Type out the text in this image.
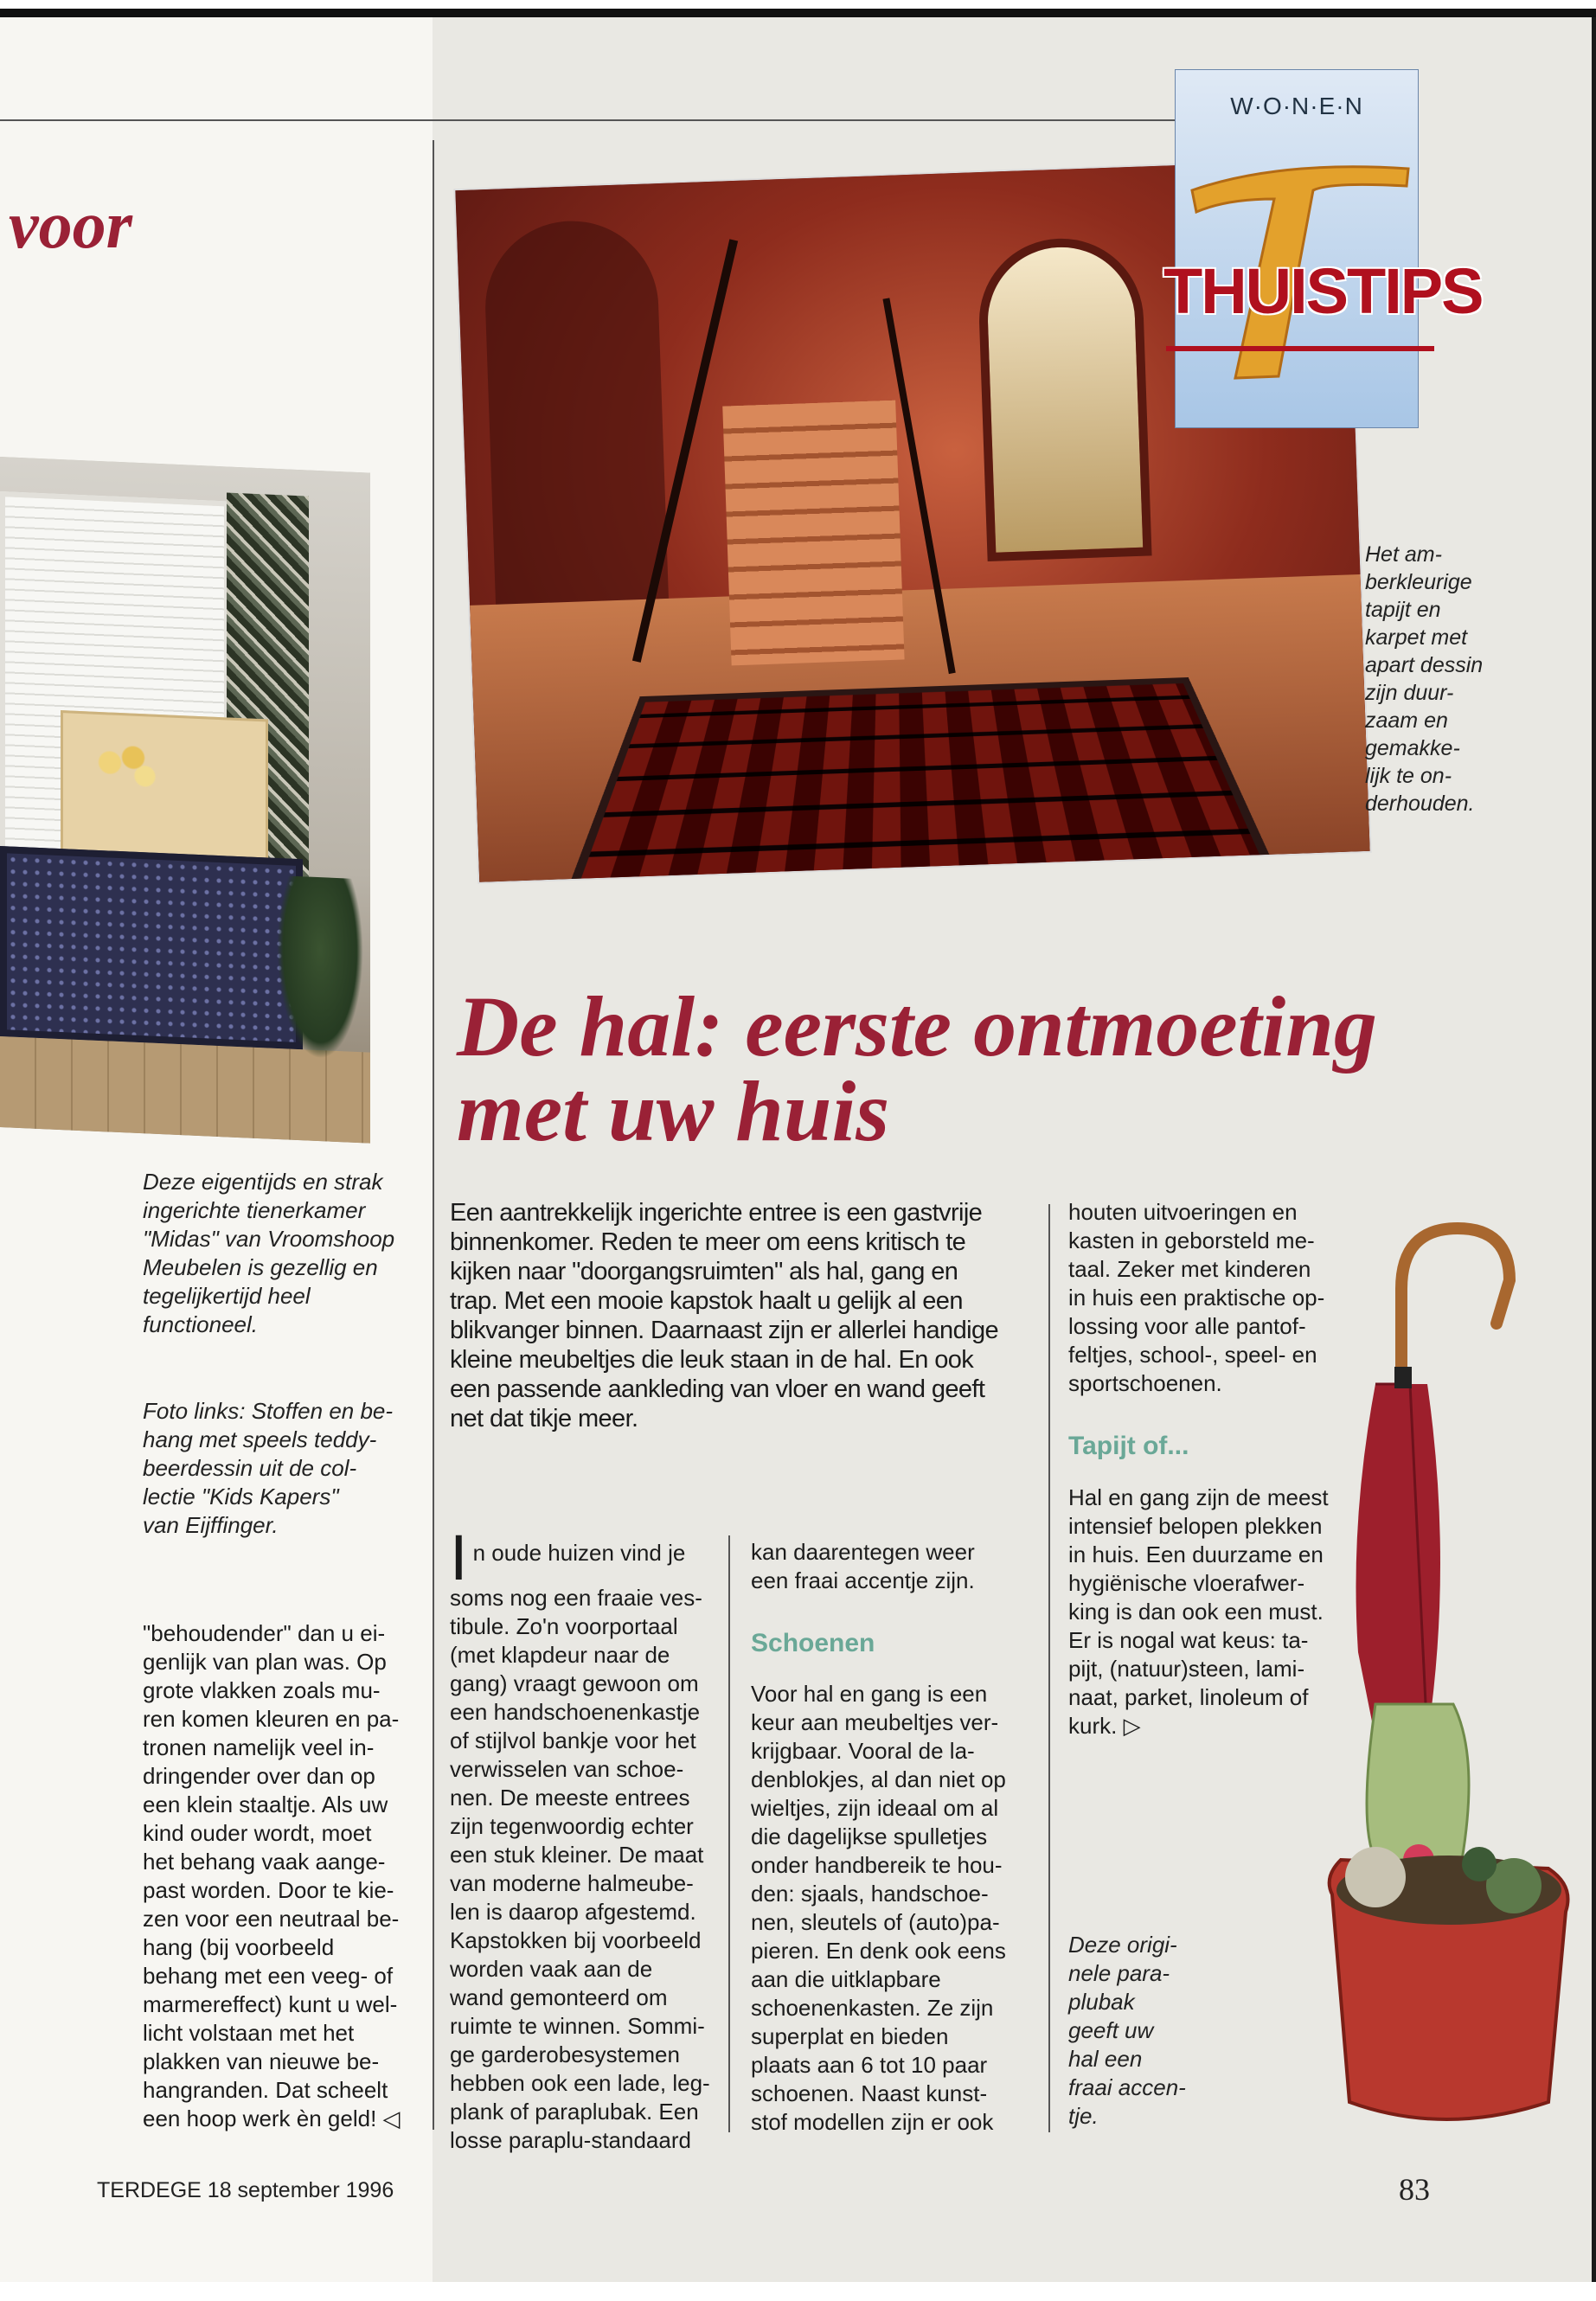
voor
W·O·N·E·N
THUISTIPS
Het am-
berkleurige
tapijt en
karpet met
apart dessin
zijn duur-
zaam en
gemakke-
lijk te on-
derhouden.
De hal: eerste ontmoeting
met uw huis
Deze eigentijds en strak
ingerichte tienerkamer
"Midas" van Vroomshoop
Meubelen is gezellig en
tegelijkertijd heel
functioneel.
Foto links: Stoffen en be-
hang met speels teddy-
beerdessin uit de col-
lectie "Kids Kapers"
van Eijffinger.
"behoudender" dan u ei-
genlijk van plan was. Op
grote vlakken zoals mu-
ren komen kleuren en pa-
tronen namelijk veel in-
dringender over dan op
een klein staaltje. Als uw
kind ouder wordt, moet
het behang vaak aange-
past worden. Door te kie-
zen voor een neutraal be-
hang (bij voorbeeld
behang met een veeg- of
marmereffect) kunt u wel-
licht volstaan met het
plakken van nieuwe be-
hangranden. Dat scheelt
een hoop werk èn geld! ◁
Een aantrekkelijk ingerichte entree is een gastvrije binnenkomer. Reden te meer om eens kritisch te kijken naar "doorgangsruimten" als hal, gang en trap. Met een mooie kapstok haalt u gelijk al een blikvanger binnen. Daarnaast zijn er allerlei handige kleine meubeltjes die leuk staan in de hal. En ook een passende aankleding van vloer en wand geeft net dat tikje meer.
I n oude huizen vind je
soms nog een fraaie ves-
tibule. Zo'n voorportaal
(met klapdeur naar de
gang) vraagt gewoon om
een handschoenenkastje
of stijlvol bankje voor het
verwisselen van schoe-
nen. De meeste entrees
zijn tegenwoordig echter
een stuk kleiner. De maat
van moderne halmeube-
len is daarop afgestemd.
Kapstokken bij voorbeeld
worden vaak aan de
wand gemonteerd om
ruimte te winnen. Sommi-
ge garderobesystemen
hebben ook een lade, leg-
plank of paraplubak. Een
losse paraplu-standaard
kan daarentegen weer
een fraai accentje zijn.
Schoenen
Voor hal en gang is een
keur aan meubeltjes ver-
krijgbaar. Vooral de la-
denblokjes, al dan niet op
wieltjes, zijn ideaal om al
die dagelijkse spulletjes
onder handbereik te hou-
den: sjaals, handschoe-
nen, sleutels of (auto)pa-
pieren. En denk ook eens
aan die uitklapbare
schoenenkasten. Ze zijn
superplat en bieden
plaats aan 6 tot 10 paar
schoenen. Naast kunst-
stof modellen zijn er ook
houten uitvoeringen en
kasten in geborsteld me-
taal. Zeker met kinderen
in huis een praktische op-
lossing voor alle pantof-
feltjes, school-, speel- en
sportschoenen.
Tapijt of...
Hal en gang zijn de meest
intensief belopen plekken
in huis. Een duurzame en
hygiënische vloerafwer-
king is dan ook een must.
Er is nogal wat keus: ta-
pijt, (natuur)steen, lami-
naat, parket, linoleum of
kurk. ▷
Deze origi-
nele para-
plubak
geeft uw
hal een
fraai accen-
tje.
TERDEGE 18 september 1996	83
